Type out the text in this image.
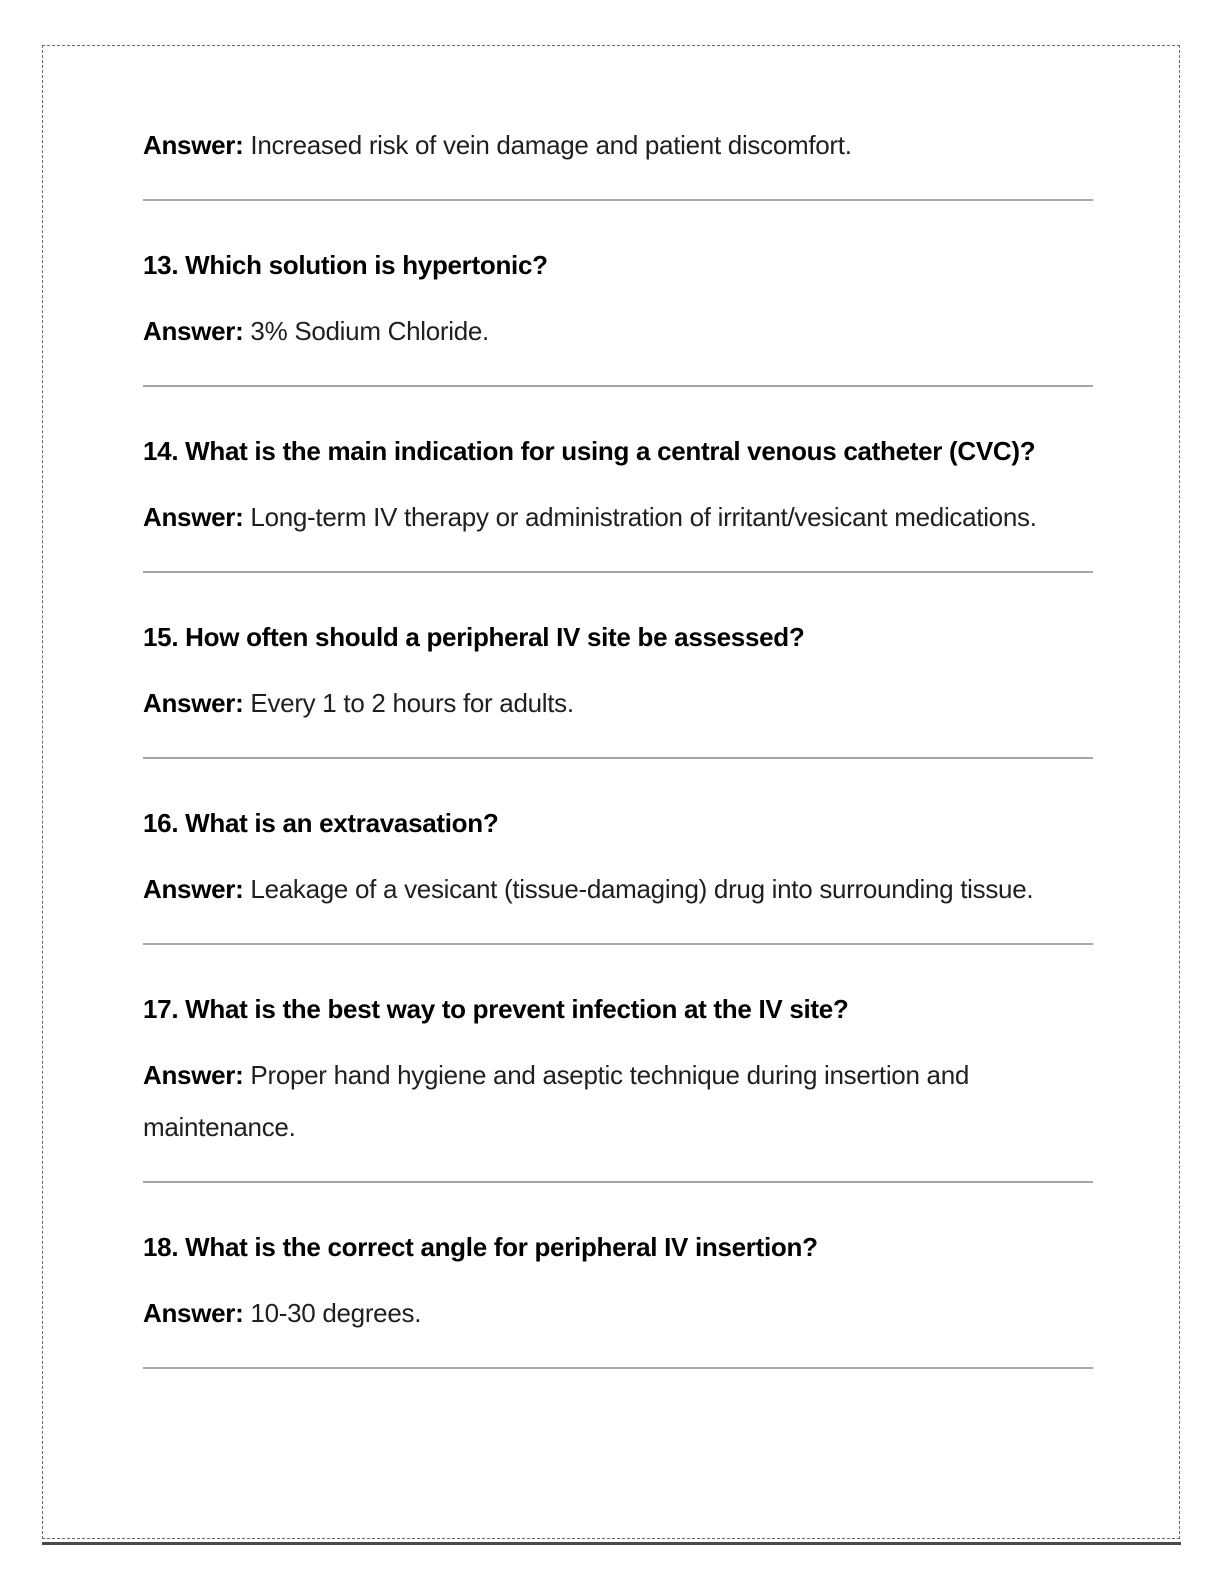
Answer: Increased risk of vein damage and patient discomfort.

13. Which solution is hypertonic?

Answer: 3% Sodium Chloride.

14. What is the main indication for using a central venous catheter (CVC)?

Answer: Long-term IV therapy or administration of irritant/vesicant medications.

15. How often should a peripheral IV site be assessed?

Answer: Every 1 to 2 hours for adults.

16. What is an extravasation?

Answer: Leakage of a vesicant (tissue-damaging) drug into surrounding tissue.

17. What is the best way to prevent infection at the IV site?

Answer: Proper hand hygiene and aseptic technique during insertion and maintenance.

18. What is the correct angle for peripheral IV insertion?

Answer: 10-30 degrees.
